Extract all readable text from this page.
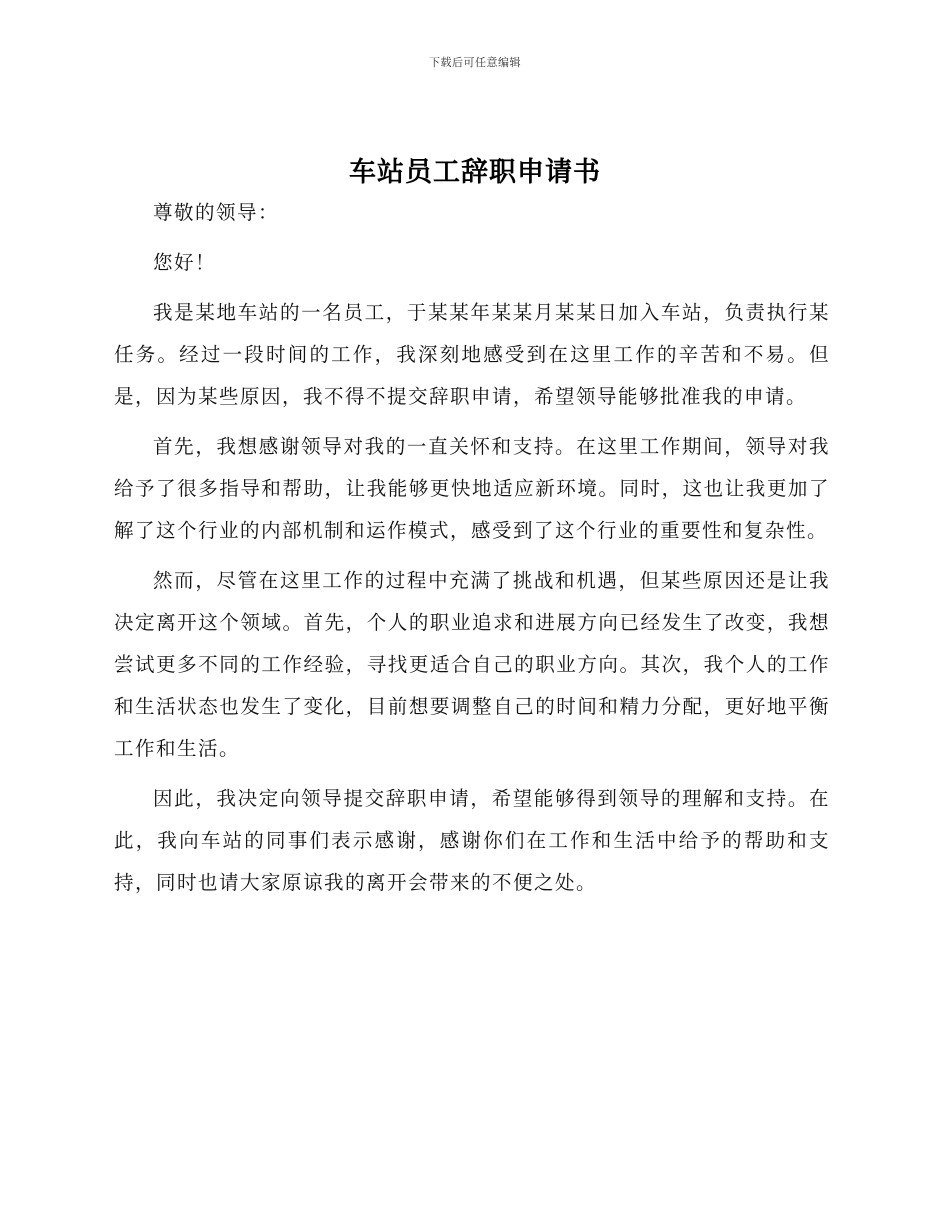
下载后可任意编辑
车站员工辞职申请书

尊敬的领导：

您好！

我是某地车站的一名员工，于某某年某某月某某日加入车站，负责执行某任务。经过一段时间的工作，我深刻地感受到在这里工作的辛苦和不易。但是，因为某些原因，我不得不提交辞职申请，希望领导能够批准我的申请。

首先，我想感谢领导对我的一直关怀和支持。在这里工作期间，领导对我给予了很多指导和帮助，让我能够更快地适应新环境。同时，这也让我更加了解了这个行业的内部机制和运作模式，感受到了这个行业的重要性和复杂性。

然而，尽管在这里工作的过程中充满了挑战和机遇，但某些原因还是让我决定离开这个领域。首先，个人的职业追求和进展方向已经发生了改变，我想尝试更多不同的工作经验，寻找更适合自己的职业方向。其次，我个人的工作和生活状态也发生了变化，目前想要调整自己的时间和精力分配，更好地平衡工作和生活。

因此，我决定向领导提交辞职申请，希望能够得到领导的理解和支持。在此，我向车站的同事们表示感谢，感谢你们在工作和生活中给予的帮助和支持，同时也请大家原谅我的离开会带来的不便之处。
